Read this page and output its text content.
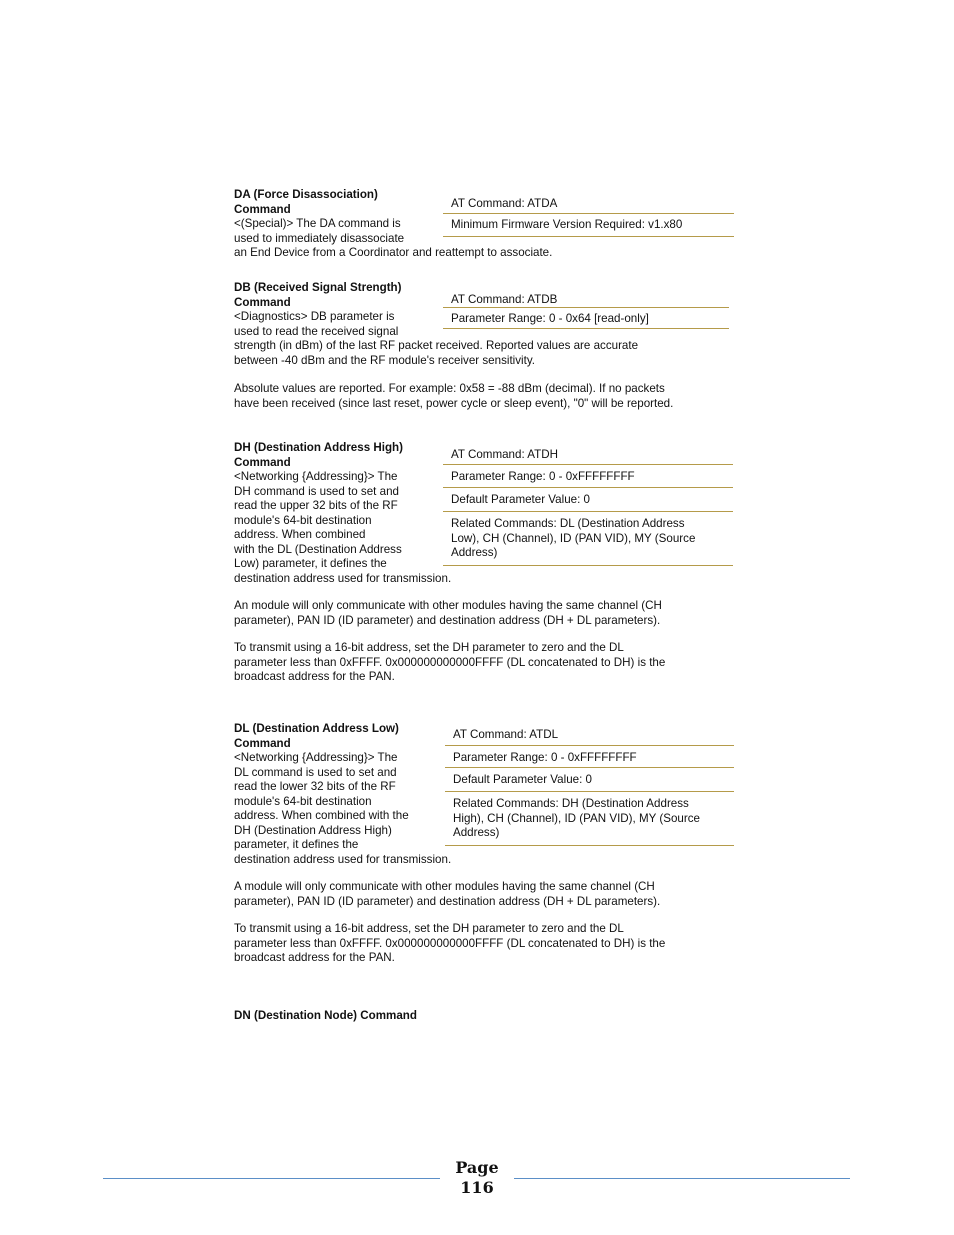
DA (Force Disassociation)
Command
<(Special)> The DA command is
used to immediately disassociate
an End Device from a Coordinator and reattempt to associate.
AT Command: ATDA
Minimum Firmware Version Required: v1.x80
DB (Received Signal Strength)
Command
<Diagnostics> DB parameter is
used to read the received signal
strength (in dBm) of the last RF packet received. Reported values are accurate
between -40 dBm and the RF module's receiver sensitivity.
AT Command: ATDB
Parameter Range: 0 - 0x64 [read-only]
Absolute values are reported. For example: 0x58 = -88 dBm (decimal). If no packets
have been received (since last reset, power cycle or sleep event), "0" will be reported.
DH (Destination Address High)
Command
<Networking {Addressing}> The
DH command is used to set and
read the upper 32 bits of the RF
module's 64-bit destination
address. When combined
with the DL (Destination Address
Low) parameter, it defines the
destination address used for transmission.
AT Command: ATDH
Parameter Range: 0 - 0xFFFFFFFF
Default Parameter Value: 0
Related Commands: DL (Destination Address
Low), CH (Channel), ID (PAN VID), MY (Source
Address)
An module will only communicate with other modules having the same channel (CH
parameter), PAN ID (ID parameter) and destination address (DH + DL parameters).
To transmit using a 16-bit address, set the DH parameter to zero and the DL
parameter less than 0xFFFF. 0x000000000000FFFF (DL concatenated to DH) is the
broadcast address for the PAN.
DL (Destination Address Low)
Command
<Networking {Addressing}> The
DL command is used to set and
read the lower 32 bits of the RF
module's 64-bit destination
address. When combined with the
DH (Destination Address High)
parameter, it defines the
destination address used for transmission.
AT Command: ATDL
Parameter Range: 0 - 0xFFFFFFFF
Default Parameter Value: 0
Related Commands: DH (Destination Address
High), CH (Channel), ID (PAN VID), MY (Source
Address)
A module will only communicate with other modules having the same channel (CH
parameter), PAN ID (ID parameter) and destination address (DH + DL parameters).
To transmit using a 16-bit address, set the DH parameter to zero and the DL
parameter less than 0xFFFF. 0x000000000000FFFF (DL concatenated to DH) is the
broadcast address for the PAN.
DN (Destination Node) Command
Page
116
